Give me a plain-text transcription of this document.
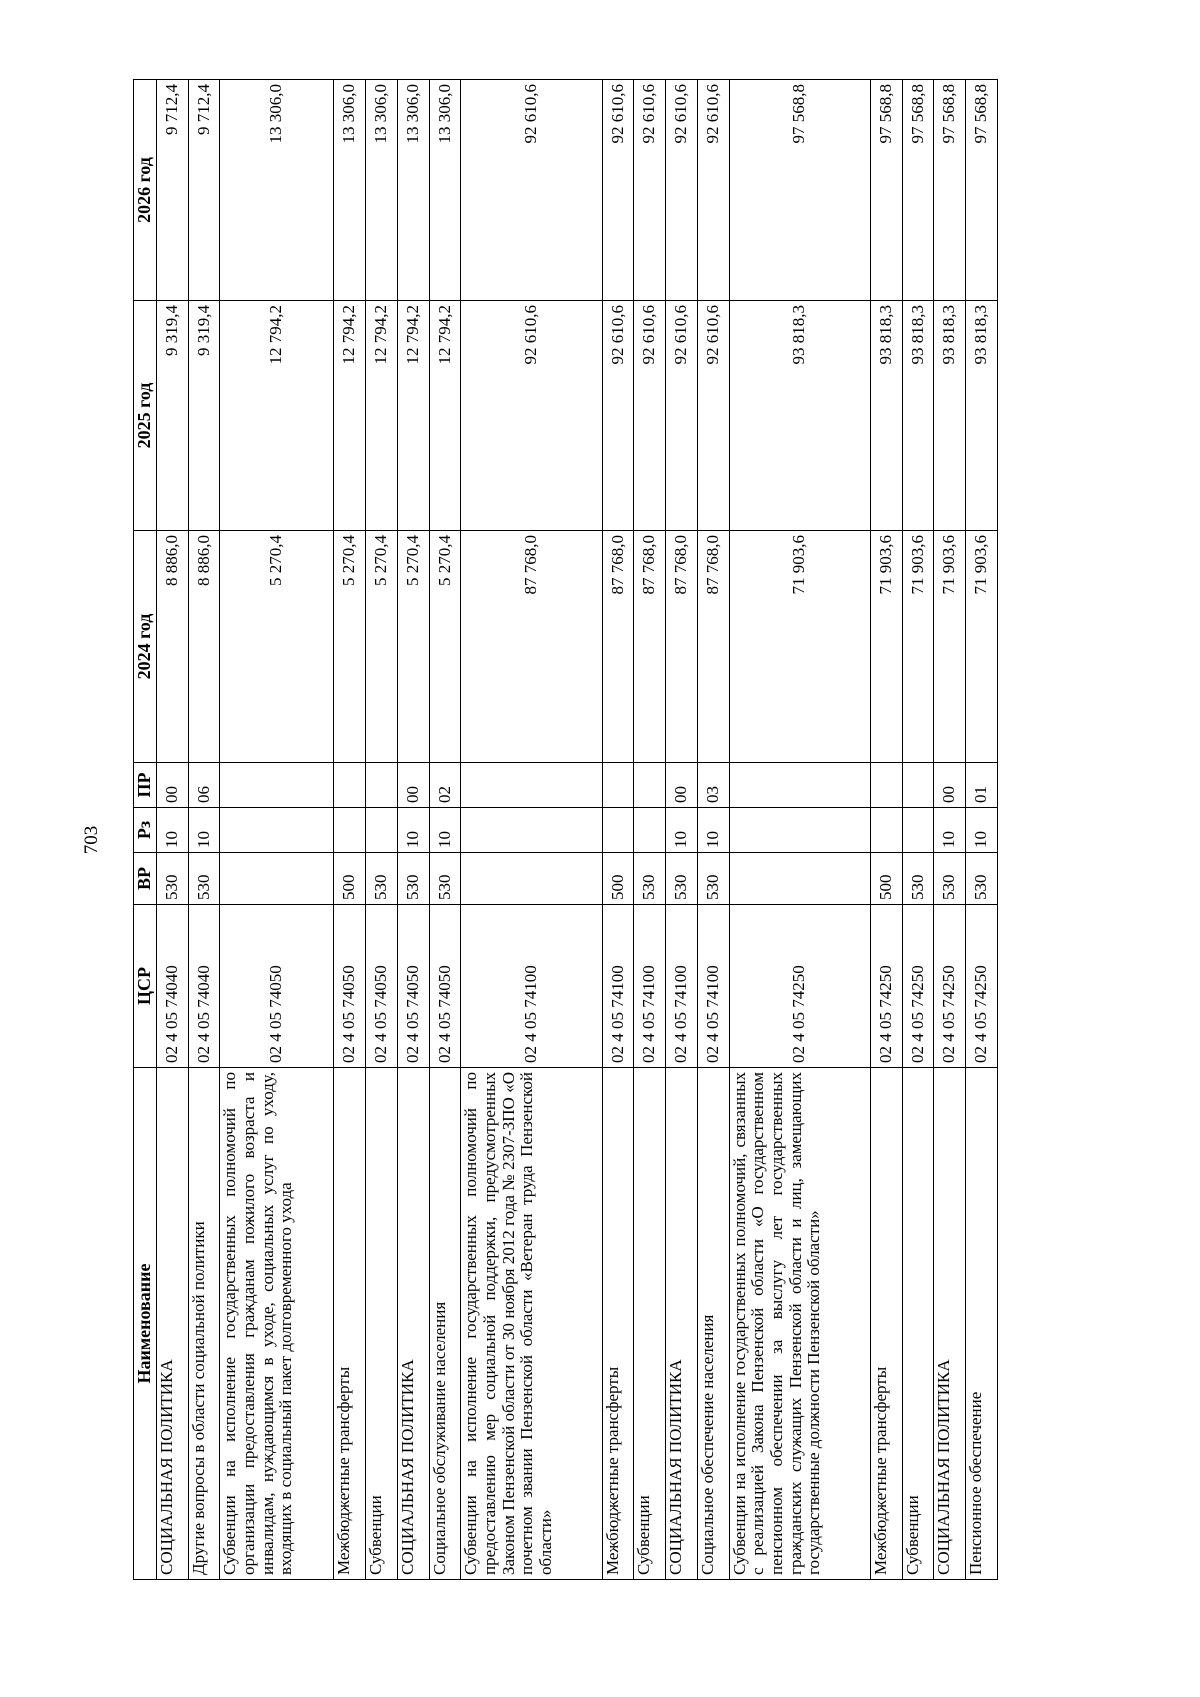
703
Наименование	ЦСР	ВР	Рз	ПР	2024 год	2025 год	2026 год
СОЦИАЛЬНАЯ ПОЛИТИКА	02 4 05 74040	530	10	00	8 886,0	9 319,4	9 712,4
Другие вопросы в области социальной политики	02 4 05 74040	530	10	06	8 886,0	9 319,4	9 712,4
Субвенции на исполнение государственных полномочий по организации предоставления гражданам пожилого возраста и инвалидам, нуждающимся в уходе, социальных услуг по уходу, входящих в социальный пакет долговременного ухода	02 4 05 74050				5 270,4	12 794,2	13 306,0
Межбюджетные трансферты	02 4 05 74050	500			5 270,4	12 794,2	13 306,0
Субвенции	02 4 05 74050	530			5 270,4	12 794,2	13 306,0
СОЦИАЛЬНАЯ ПОЛИТИКА	02 4 05 74050	530	10	00	5 270,4	12 794,2	13 306,0
Социальное обслуживание населения	02 4 05 74050	530	10	02	5 270,4	12 794,2	13 306,0
Субвенции на исполнение государственных полномочий по предоставлению мер социальной поддержки, предусмотренных Законом Пензенской области от 30 ноября 2012 года № 2307-ЗПО «О почетном звании Пензенской области «Ветеран труда Пензенской области»	02 4 05 74100				87 768,0	92 610,6	92 610,6
Межбюджетные трансферты	02 4 05 74100	500			87 768,0	92 610,6	92 610,6
Субвенции	02 4 05 74100	530			87 768,0	92 610,6	92 610,6
СОЦИАЛЬНАЯ ПОЛИТИКА	02 4 05 74100	530	10	00	87 768,0	92 610,6	92 610,6
Социальное обеспечение населения	02 4 05 74100	530	10	03	87 768,0	92 610,6	92 610,6
Субвенции на исполнение государственных полномочий, связанных с реализацией Закона Пензенской области «О государственном пенсионном обеспечении за выслугу лет государственных гражданских служащих Пензенской области и лиц, замещающих государственные должности Пензенской области»	02 4 05 74250				71 903,6	93 818,3	97 568,8
Межбюджетные трансферты	02 4 05 74250	500			71 903,6	93 818,3	97 568,8
Субвенции	02 4 05 74250	530			71 903,6	93 818,3	97 568,8
СОЦИАЛЬНАЯ ПОЛИТИКА	02 4 05 74250	530	10	00	71 903,6	93 818,3	97 568,8
Пенсионное обеспечение	02 4 05 74250	530	10	01	71 903,6	93 818,3	97 568,8
